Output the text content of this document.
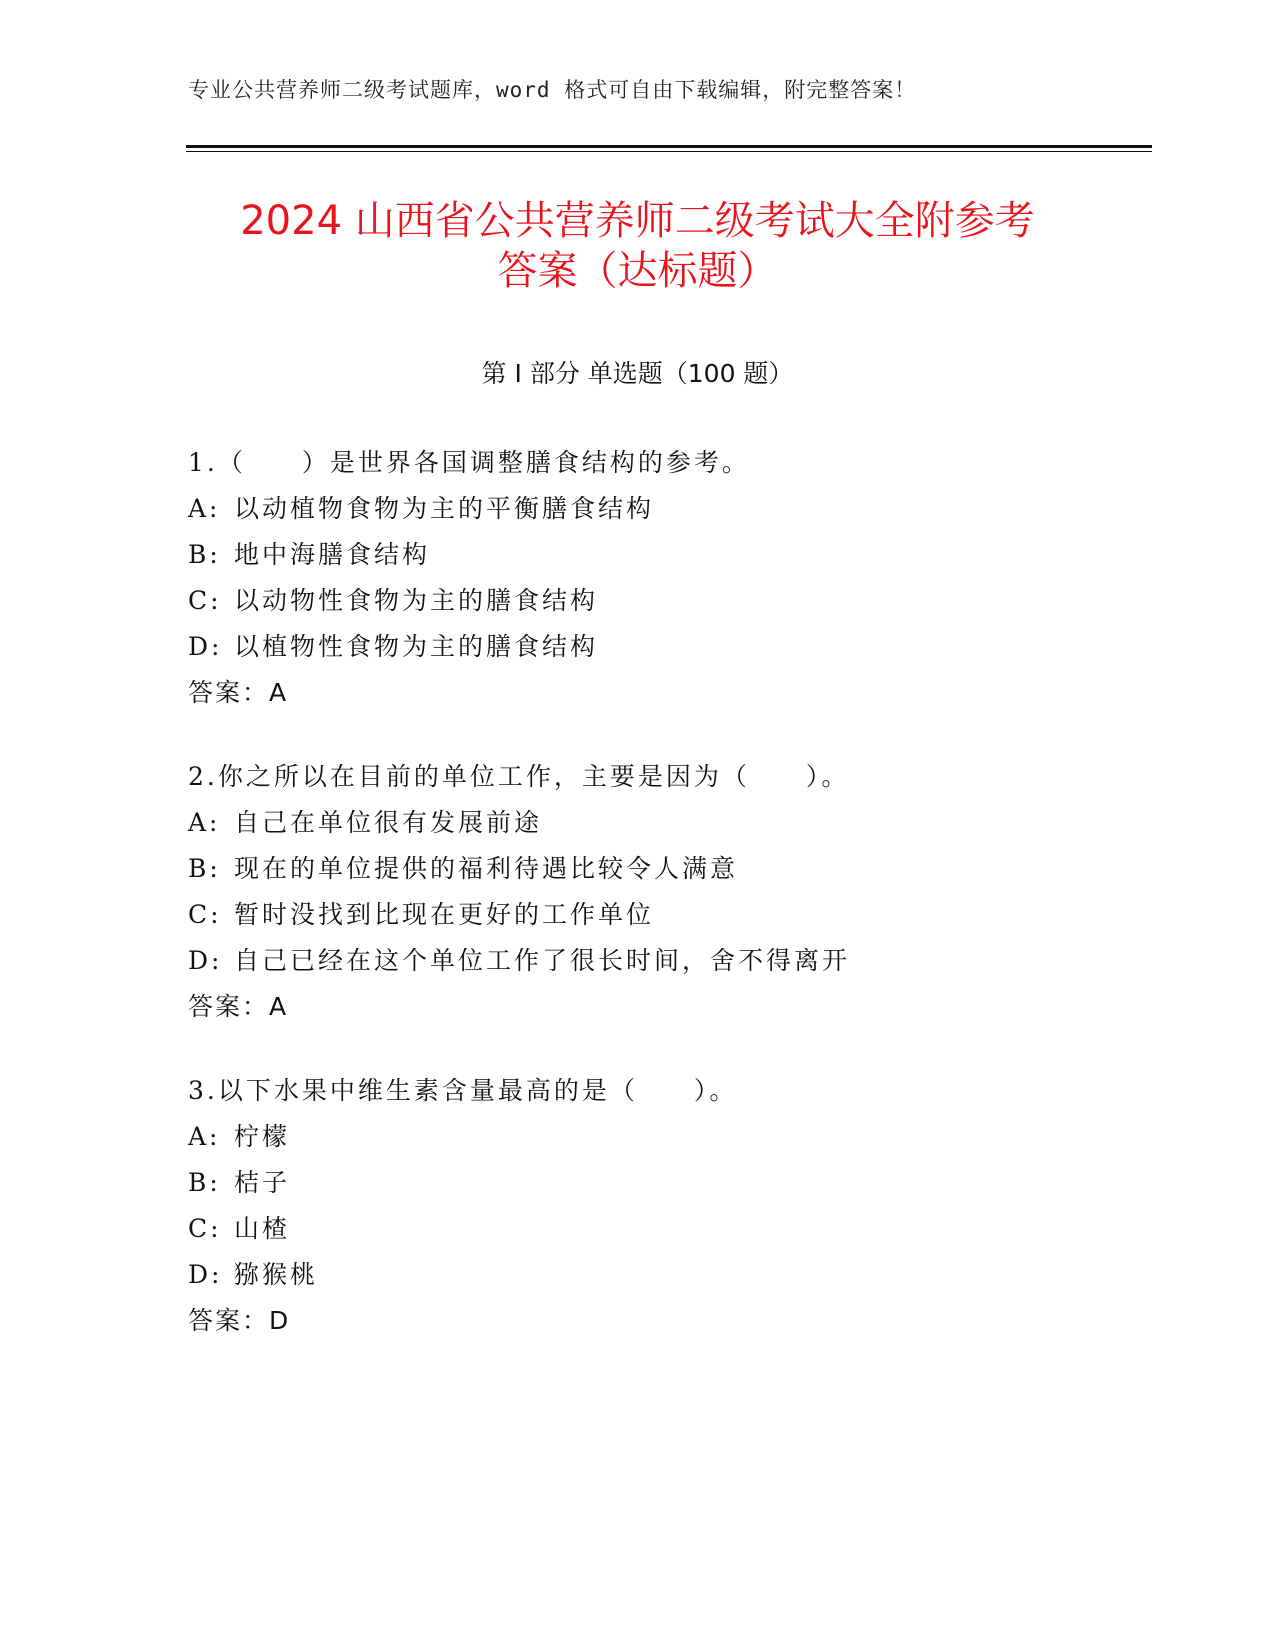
专业公共营养师二级考试题库，word 格式可自由下载编辑，附完整答案！
2024 山西省公共营养师二级考试大全附参考
答案（达标题）
第 I 部分 单选题（100 题）
1.（　　）是世界各国调整膳食结构的参考。
A: 以动植物食物为主的平衡膳食结构
B: 地中海膳食结构
C: 以动物性食物为主的膳食结构
D: 以植物性食物为主的膳食结构
答案：A
2.你之所以在目前的单位工作，主要是因为（　　）。
A: 自己在单位很有发展前途
B: 现在的单位提供的福利待遇比较令人满意
C: 暂时没找到比现在更好的工作单位
D: 自己已经在这个单位工作了很长时间，舍不得离开
答案：A
3.以下水果中维生素含量最高的是（　　）。
A: 柠檬
B: 桔子
C: 山楂
D: 猕猴桃
答案：D
